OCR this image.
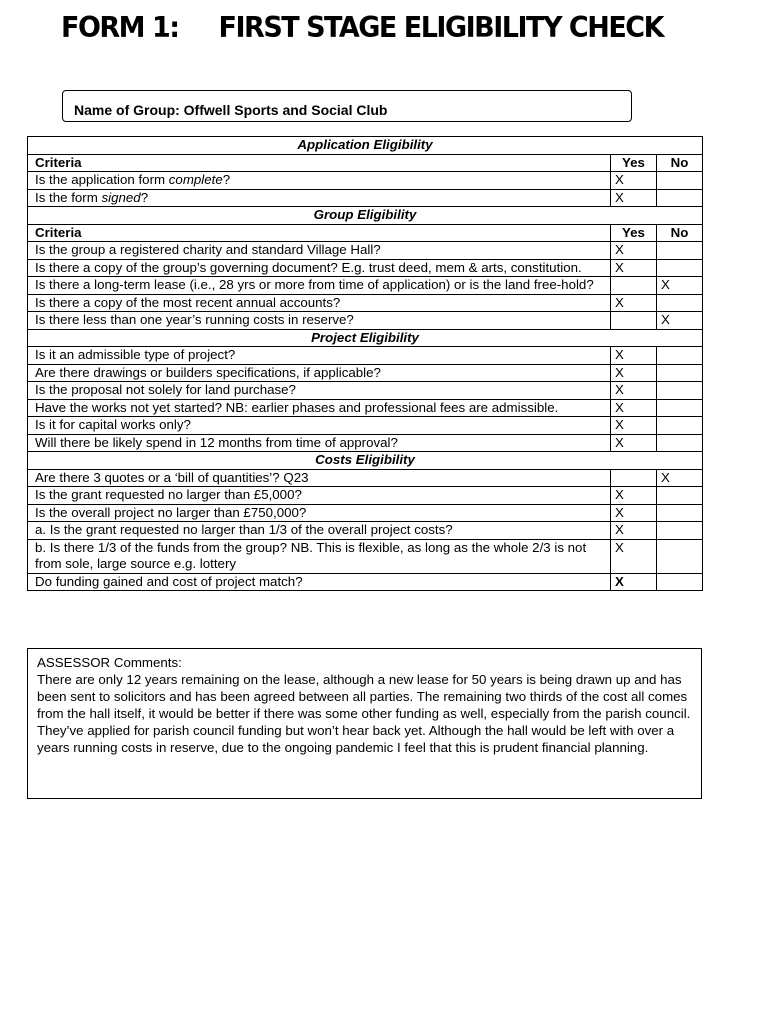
FORM 1: FIRST STAGE ELIGIBILITY CHECK
Name of Group: Offwell Sports and Social Club
Application Eligibility		
Criteria	Yes	No
Is the application form complete?	X	
Is the form signed?	X	
Group Eligibility		
Criteria	Yes	No
Is the group a registered charity and standard Village Hall?	X	
Is there a copy of the group’s governing document? E.g. trust deed, mem & arts, constitution.	X	
Is there a long-term lease (i.e., 28 yrs or more from time of application) or is the land free-hold?		X
Is there a copy of the most recent annual accounts?	X	
Is there less than one year’s running costs in reserve?		X
Project Eligibility		
Is it an admissible type of project?	X	
Are there drawings or builders specifications, if applicable?	X	
Is the proposal not solely for land purchase?	X	
Have the works not yet started? NB: earlier phases and professional fees are admissible.	X	
Is it for capital works only?	X	
Will there be likely spend in 12 months from time of approval?	X	
Costs Eligibility		
Are there 3 quotes or a ‘bill of quantities’? Q23		X
Is the grant requested no larger than £5,000?	X	
Is the overall project no larger than £750,000?	X	
a. Is the grant requested no larger than 1/3 of the overall project costs?	X	
b. Is there 1/3 of the funds from the group? NB. This is flexible, as long as the whole 2/3 is not from sole, large source e.g. lottery	X	
Do funding gained and cost of project match?	X	
ASSESSOR Comments:
There are only 12 years remaining on the lease, although a new lease for 50 years is being drawn up and has been sent to solicitors and has been agreed between all parties. The remaining two thirds of the cost all comes from the hall itself, it would be better if there was some other funding as well, especially from the parish council. They’ve applied for parish council funding but won’t hear back yet. Although the hall would be left with over a years running costs in reserve, due to the ongoing pandemic I feel that this is prudent financial planning.
